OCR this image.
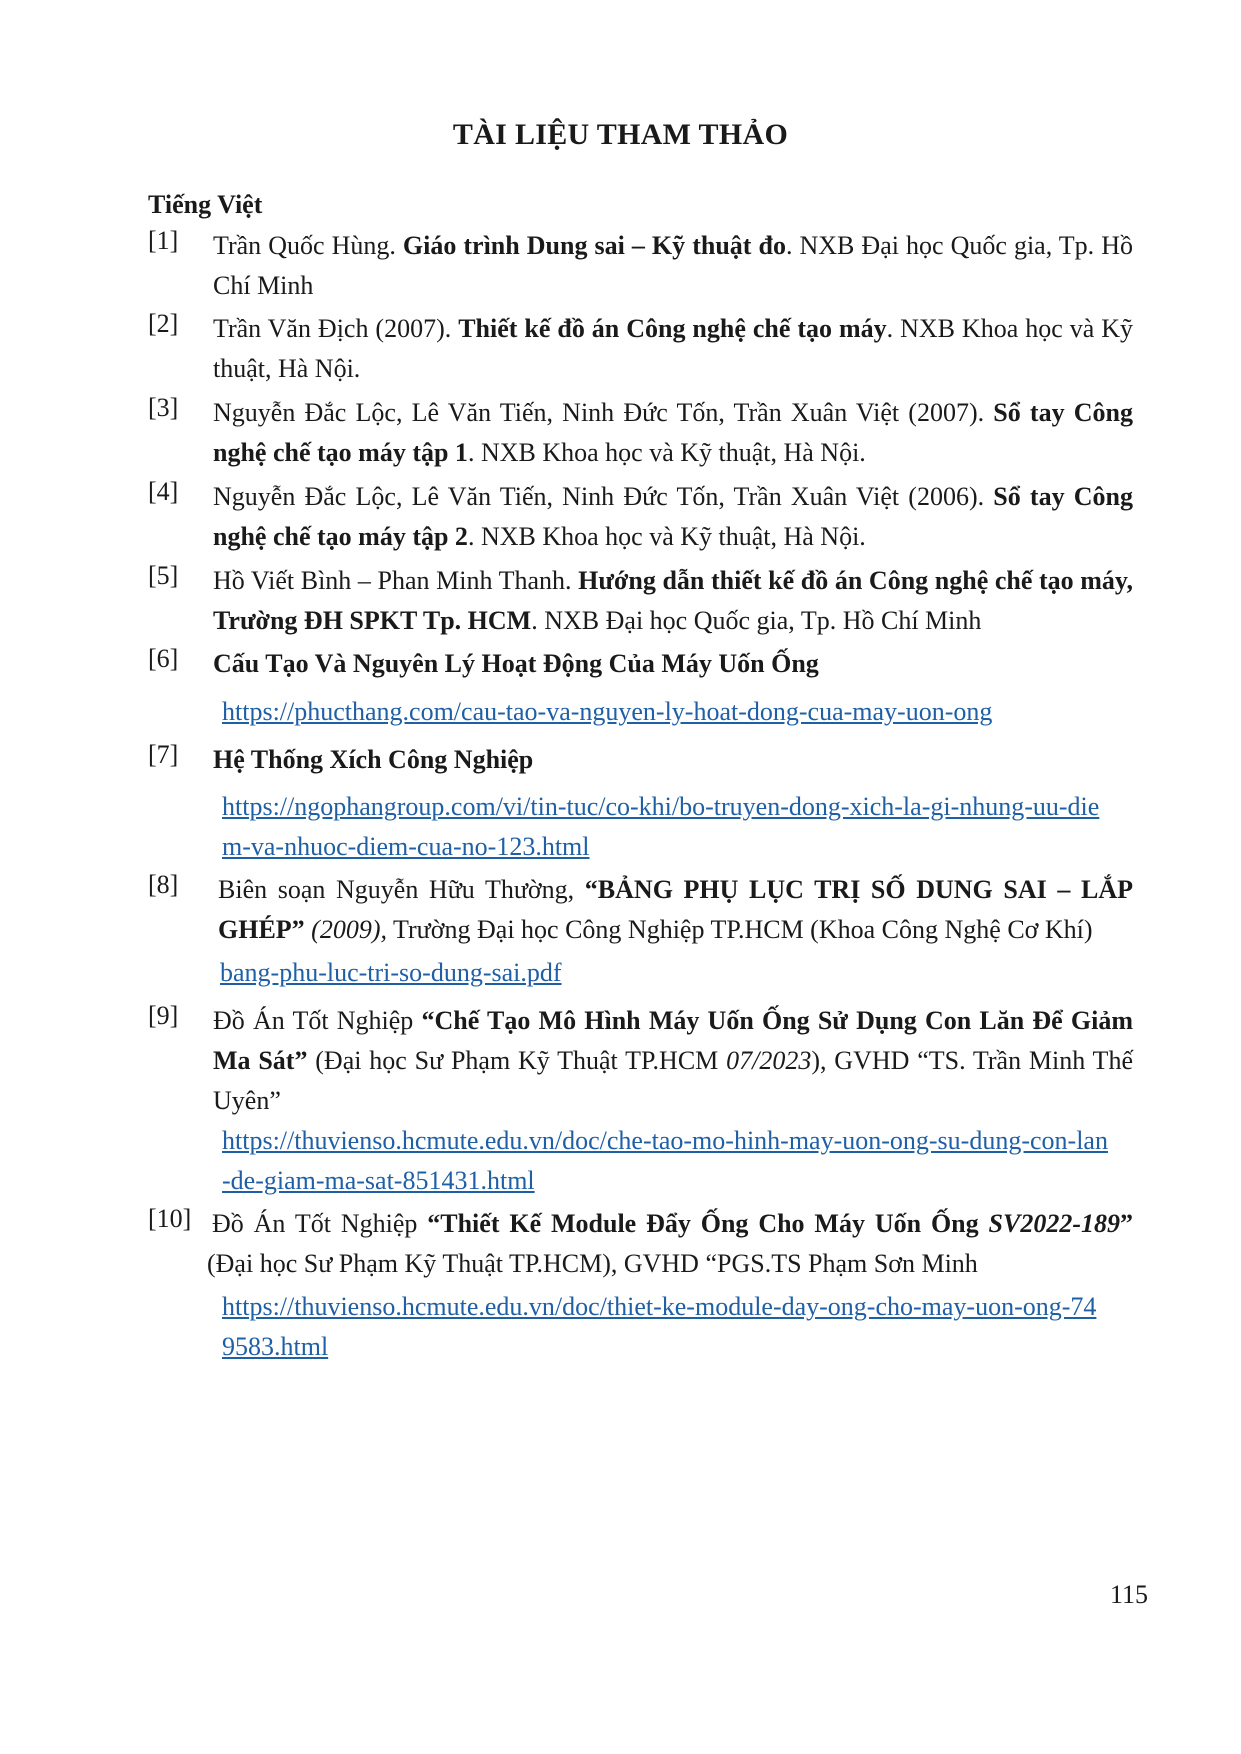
TÀI LIỆU THAM THẢO
Tiếng Việt
[1] Trần Quốc Hùng. Giáo trình Dung sai – Kỹ thuật đo. NXB Đại học Quốc gia, Tp. Hồ Chí Minh
[2] Trần Văn Địch (2007). Thiết kế đồ án Công nghệ chế tạo máy. NXB Khoa học và Kỹ thuật, Hà Nội.
[3] Nguyễn Đắc Lộc, Lê Văn Tiến, Ninh Đức Tốn, Trần Xuân Việt (2007). Sổ tay Công nghệ chế tạo máy tập 1. NXB Khoa học và Kỹ thuật, Hà Nội.
[4] Nguyễn Đắc Lộc, Lê Văn Tiến, Ninh Đức Tốn, Trần Xuân Việt (2006). Sổ tay Công nghệ chế tạo máy tập 2. NXB Khoa học và Kỹ thuật, Hà Nội.
[5] Hồ Viết Bình – Phan Minh Thanh. Hướng dẫn thiết kế đồ án Công nghệ chế tạo máy, Trường ĐH SPKT Tp. HCM. NXB Đại học Quốc gia, Tp. Hồ Chí Minh
[6] Cấu Tạo Và Nguyên Lý Hoạt Động Của Máy Uốn Ống
https://phucthang.com/cau-tao-va-nguyen-ly-hoat-dong-cua-may-uon-ong
[7] Hệ Thống Xích Công Nghiệp
https://ngophangroup.com/vi/tin-tuc/co-khi/bo-truyen-dong-xich-la-gi-nhung-uu-diem-va-nhuoc-diem-cua-no-123.html
[8] Biên soạn Nguyễn Hữu Thường, “BẢNG PHỤ LỤC TRỊ SỐ DUNG SAI – LẮP GHÉP” (2009), Trường Đại học Công Nghiệp TP.HCM (Khoa Công Nghệ Cơ Khí)
bang-phu-luc-tri-so-dung-sai.pdf
[9] Đồ Án Tốt Nghiệp “Chế Tạo Mô Hình Máy Uốn Ống Sử Dụng Con Lăn Để Giảm Ma Sát” (Đại học Sư Phạm Kỹ Thuật TP.HCM 07/2023), GVHD “TS. Trần Minh Thế Uyên”
https://thuvienso.hcmute.edu.vn/doc/che-tao-mo-hinh-may-uon-ong-su-dung-con-lan-de-giam-ma-sat-851431.html
[10] Đồ Án Tốt Nghiệp “Thiết Kế Module Đẩy Ống Cho Máy Uốn Ống SV2022-189” (Đại học Sư Phạm Kỹ Thuật TP.HCM), GVHD “PGS.TS Phạm Sơn Minh
https://thuvienso.hcmute.edu.vn/doc/thiet-ke-module-day-ong-cho-may-uon-ong-749583.html
115
